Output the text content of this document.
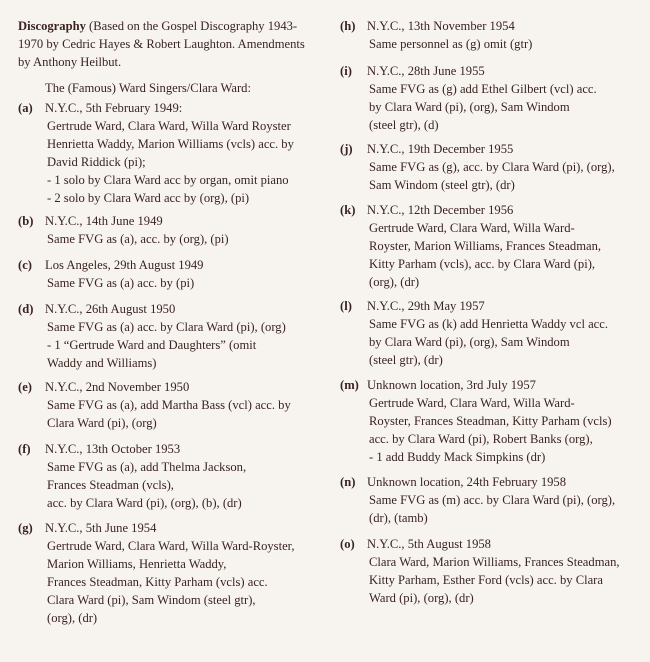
Discography (Based on the Gospel Discography 1943-1970 by Cedric Hayes & Robert Laughton. Amendments by Anthony Heilbut.
The (Famous) Ward Singers/Clara Ward:
(a) N.Y.C., 5th February 1949:
Gertrude Ward, Clara Ward, Willa Ward Royster
Henrietta Waddy, Marion Williams (vcls) acc. by
David Riddick (pi);
- 1 solo by Clara Ward acc by organ, omit piano
- 2 solo by Clara Ward acc by (org), (pi)
(b) N.Y.C., 14th June 1949
Same FVG as (a), acc. by (org), (pi)
(c)	Los Angeles, 29th August 1949
Same FVG as (a) acc. by (pi)
(d) N.Y.C., 26th August 1950
Same FVG as (a) acc. by Clara Ward (pi), (org)
- 1 “Gertrude Ward and Daughters” (omit
Waddy and Williams)
(e)	N.Y.C., 2nd November 1950
Same FVG as (a), add Martha Bass (vcl) acc. by
Clara Ward (pi), (org)
(f)	N.Y.C., 13th October 1953
Same FVG as (a), add Thelma Jackson,
Frances Steadman (vcls),
acc. by Clara Ward (pi), (org), (b), (dr)
(g) N.Y.C., 5th June 1954
Gertrude Ward, Clara Ward, Willa Ward-Royster,
Marion Williams, Henrietta Waddy,
Frances Steadman, Kitty Parham (vcls) acc.
Clara Ward (pi), Sam Windom (steel gtr),
(org), (dr)
(h) N.Y.C., 13th November 1954
Same personnel as (g) omit (gtr)
(i)	N.Y.C., 28th June 1955
Same FVG as (g) add Ethel Gilbert (vcl) acc.
by Clara Ward (pi), (org), Sam Windom
(steel gtr), (d)
(j)	N.Y.C., 19th December 1955
Same FVG as (g), acc. by Clara Ward (pi), (org),
Sam Windom (steel gtr), (dr)
(k) N.Y.C., 12th December 1956
Gertrude Ward, Clara Ward, Willa Ward-
Royster, Marion Williams, Frances Steadman,
Kitty Parham (vcls), acc. by Clara Ward (pi),
(org), (dr)
(l)	N.Y.C., 29th May 1957
Same FVG as (k) add Henrietta Waddy vcl acc.
by Clara Ward (pi), (org), Sam Windom
(steel gtr), (dr)
(m) Unknown location, 3rd July 1957
Gertrude Ward, Clara Ward, Willa Ward-
Royster, Frances Steadman, Kitty Parham (vcls)
acc. by Clara Ward (pi), Robert Banks (org),
- 1 add Buddy Mack Simpkins (dr)
(n) Unknown location, 24th February 1958
Same FVG as (m) acc. by Clara Ward (pi), (org),
(dr), (tamb)
(o) N.Y.C., 5th August 1958
Clara Ward, Marion Williams, Frances Steadman,
Kitty Parham, Esther Ford (vcls) acc. by Clara
Ward (pi), (org), (dr)
